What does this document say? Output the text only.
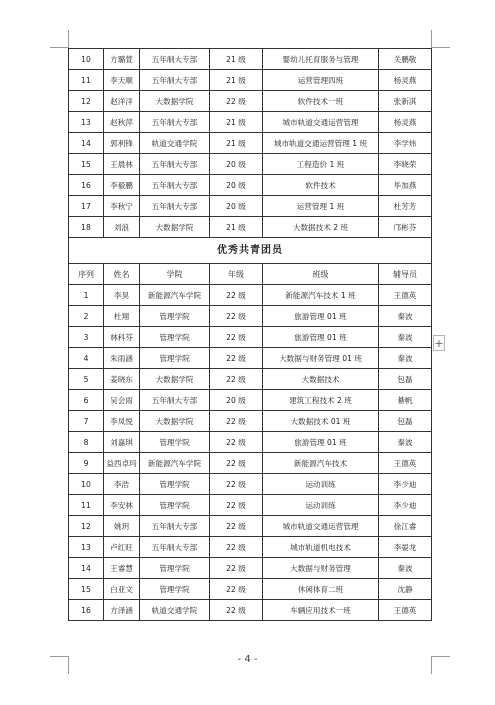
10	方璐萱	五年制大专部	21 级	婴幼儿托育服务与管理	关鹏敬
11	李天顺	五年制大专部	21 级	运营管理四班	杨灵燕
12	赵洋洋	大数据学院	22 级	软件技术一班	张新淇
13	赵秋萍	五年制大专部	21 级	城市轨道交通运营管理	杨灵燕
14	郭利锋	轨道交通学院	21 级	城市轨道交通运营管理 1 班	李学炜
15	王晨林	五年制大专部	20 级	工程造价 1 班	李晓荣
16	李毅鹏	五年制大专部	20 级	软件技术	毕加燕
17	李秋宁	五年制大专部	20 级	运营管理 1 班	杜芳芳
18	刘浪	大数据学院	21 级	大数据技术 2 班	邝彬芬
优秀共青团员					
序列	姓名	学院	年级	班级	辅导员
1	李昊	新能源汽车学院	22 级	新能源汽车技术 1 班	王德英
2	杜翔	管理学院	22 级	旅游管理 01 班	秦波
3	林科芬	管理学院	22 级	旅游管理 01 班	秦波
4	朱雨涵	管理学院	22 级	大数据与财务管理 01 班	秦波
5	姜晓东	大数据学院	22 级	大数据技术	包磊
6	吴会雨	五年制大专部	20 级	建筑工程技术 2 班	綦帆
7	李凤悦	大数据学院	22 级	大数据技术 01 班	包磊
8	刘嘉琪	管理学院	22 级	旅游管理 01 班	秦波
9	益西卓玛	新能源汽车学院	22 级	新能源汽车技术	王德英
10	李浩	管理学院	22 级	运动训练	李少迪
11	李安林	管理学院	22 级	运动训练	李少迪
12	姚玥	五年制大专部	22 级	城市轨道交通运营管理	徐江睿
13	卢红旺	五年制大专部	22 级	城市轨道机电技术	李晏龙
14	王睿慧	管理学院	22 级	大数据与财务管理	秦波
15	白亚文	管理学院	22 级	休闲体育二班	沈静
16	方泽涵	轨道交通学院	22 级	车辆应用技术一班	王德英
+
- 4 -
